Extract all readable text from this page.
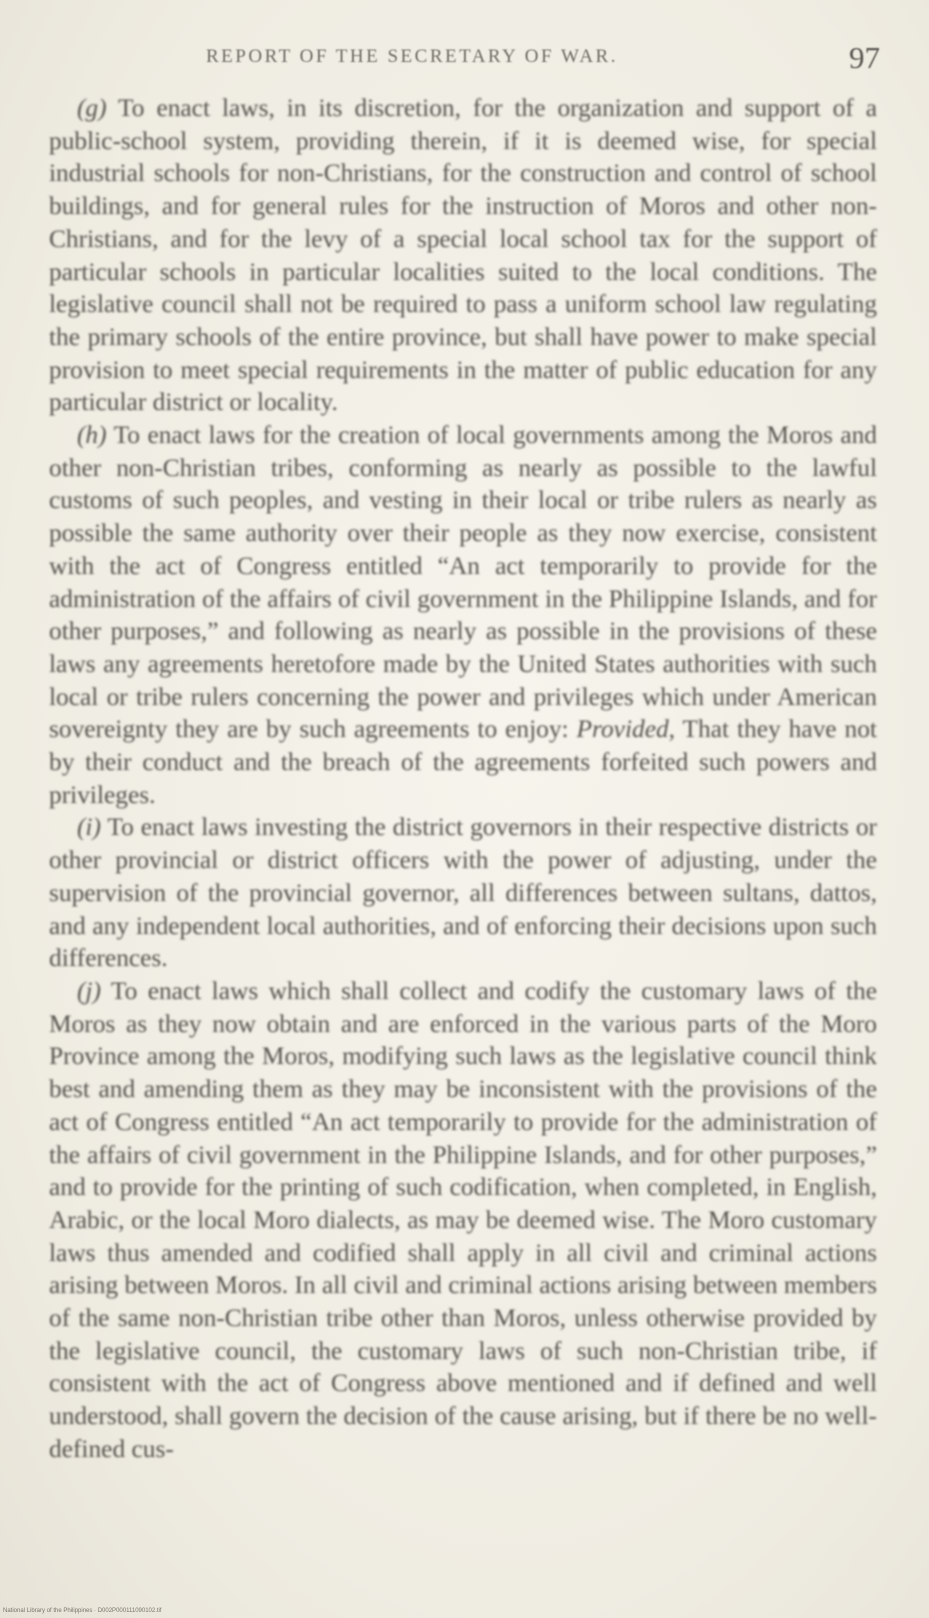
REPORT OF THE SECRETARY OF WAR.	97

(g) To enact laws, in its discretion, for the organization and support of a public-school system, providing therein, if it is deemed wise, for special industrial schools for non-Christians, for the construction and control of school buildings, and for general rules for the instruction of Moros and other non-Christians, and for the levy of a special local school tax for the support of particular schools in particular localities suited to the local conditions. The legislative council shall not be required to pass a uniform school law regulating the primary schools of the entire province, but shall have power to make special provision to meet special requirements in the matter of public education for any particular district or locality.

(h) To enact laws for the creation of local governments among the Moros and other non-Christian tribes, conforming as nearly as possible to the lawful customs of such peoples, and vesting in their local or tribe rulers as nearly as possible the same authority over their people as they now exercise, consistent with the act of Congress entitled “An act temporarily to provide for the administration of the affairs of civil government in the Philippine Islands, and for other purposes,” and following as nearly as possible in the provisions of these laws any agreements heretofore made by the United States authorities with such local or tribe rulers concerning the power and privileges which under American sovereignty they are by such agreements to enjoy: Provided, That they have not by their conduct and the breach of the agreements forfeited such powers and privileges.

(i) To enact laws investing the district governors in their respective districts or other provincial or district officers with the power of adjusting, under the supervision of the provincial governor, all differences between sultans, dattos, and any independent local authorities, and of enforcing their decisions upon such differences.

(j) To enact laws which shall collect and codify the customary laws of the Moros as they now obtain and are enforced in the various parts of the Moro Province among the Moros, modifying such laws as the legislative council think best and amending them as they may be inconsistent with the provisions of the act of Congress entitled “An act temporarily to provide for the administration of the affairs of civil government in the Philippine Islands, and for other purposes,” and to provide for the printing of such codification, when completed, in English, Arabic, or the local Moro dialects, as may be deemed wise. The Moro customary laws thus amended and codified shall apply in all civil and criminal actions arising between Moros. In all civil and criminal actions arising between members of the same non-Christian tribe other than Moros, unless otherwise provided by the legislative council, the customary laws of such non-Christian tribe, if consistent with the act of Congress above mentioned and if defined and well understood, shall govern the decision of the cause arising, but if there be no well-defined cus-

National Library of the Philippines · D002P000111090102.tif
